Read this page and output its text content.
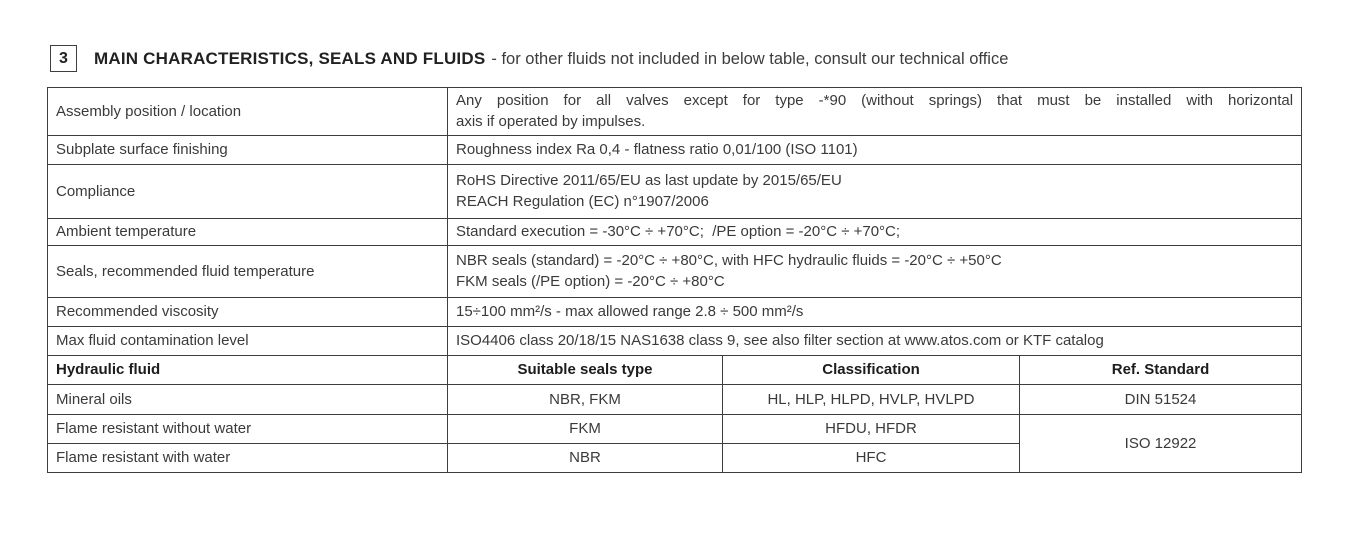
3 MAIN CHARACTERISTICS, SEALS AND FLUIDS - for other fluids not included in below table, consult our technical office
Assembly position / location	Any position for all valves except for type -*90 (without springs) that must be installed with horizontal
axis if operated by impulses.		

Subplate surface finishing	Roughness index Ra 0,4 - flatness ratio 0,01/100 (ISO 1101)		
Compliance	RoHS Directive 2011/65/EU as last update by 2015/65/EU
REACH Regulation (EC) n°1907/2006		

Ambient temperature	Standard execution = -30°C ÷ +70°C;  /PE option = -20°C ÷ +70°C;		
Seals, recommended fluid temperature	NBR seals (standard) = -20°C ÷ +80°C, with HFC hydraulic fluids = -20°C ÷ +50°C
FKM seals (/PE option) = -20°C ÷ +80°C		

Recommended viscosity	15÷100 mm²/s - max allowed range 2.8 ÷ 500 mm²/s		
Max fluid contamination level	ISO4406 class 20/18/15 NAS1638 class 9, see also filter section at www.atos.com or KTF catalog		
Hydraulic fluid	Suitable seals type	Classification	Ref. Standard
Mineral oils	NBR, FKM	HL, HLP, HLPD, HVLP, HVLPD	DIN 51524
Flame resistant without water	FKM	HFDU, HFDR	ISO 12922
Flame resistant with water	NBR	HFC	
